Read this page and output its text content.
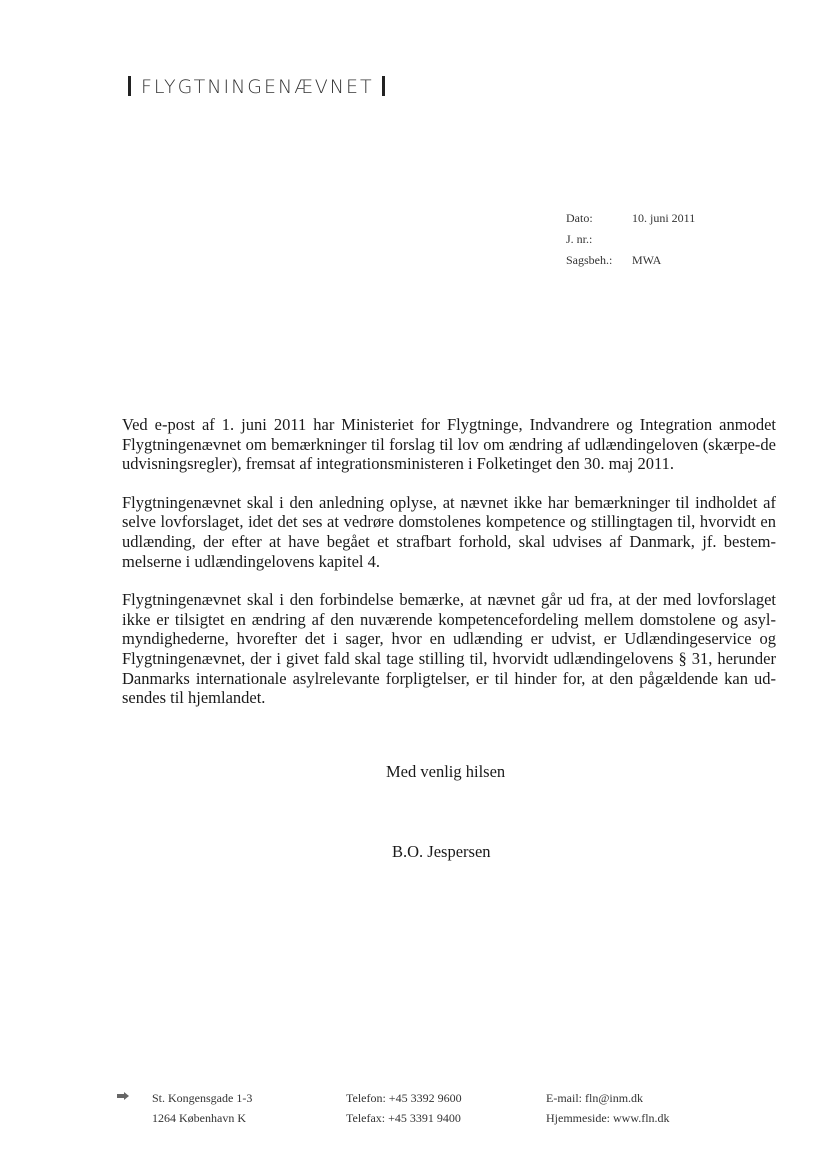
FLYGTNINGENÆVNET
Dato:	10. juni 2011
J. nr.:
Sagsbeh.:	MWA

Ved e-post af 1. juni 2011 har Ministeriet for Flygtninge, Indvandrere og Integration anmodet Flygtningenævnet om bemærkninger til forslag til lov om ændring af udlændingeloven (skærpe-de udvisningsregler), fremsat af integrationsministeren i Folketinget den 30. maj 2011.

Flygtningenævnet skal i den anledning oplyse, at nævnet ikke har bemærkninger til indholdet af selve lovforslaget, idet det ses at vedrøre domstolenes kompetence og stillingtagen til, hvorvidt en udlænding, der efter at have begået et strafbart forhold, skal udvises af Danmark, jf. bestem-melserne i udlændingelovens kapitel 4.

Flygtningenævnet skal i den forbindelse bemærke, at nævnet går ud fra, at der med lovforslaget ikke er tilsigtet en ændring af den nuværende kompetencefordeling mellem domstolene og asyl-myndighederne, hvorefter det i sager, hvor en udlænding er udvist, er Udlændingeservice og Flygtningenævnet, der i givet fald skal tage stilling til, hvorvidt udlændingelovens § 31, herunder Danmarks internationale asylrelevante forpligtelser, er til hinder for, at den pågældende kan ud-sendes til hjemlandet.

Med venlig hilsen
B.O. Jespersen
St. Kongensgade 1-3
1264 København K
Telefon: +45 3392 9600
Telefax: +45 3391 9400
E-mail: fln@inm.dk
Hjemmeside: www.fln.dk
